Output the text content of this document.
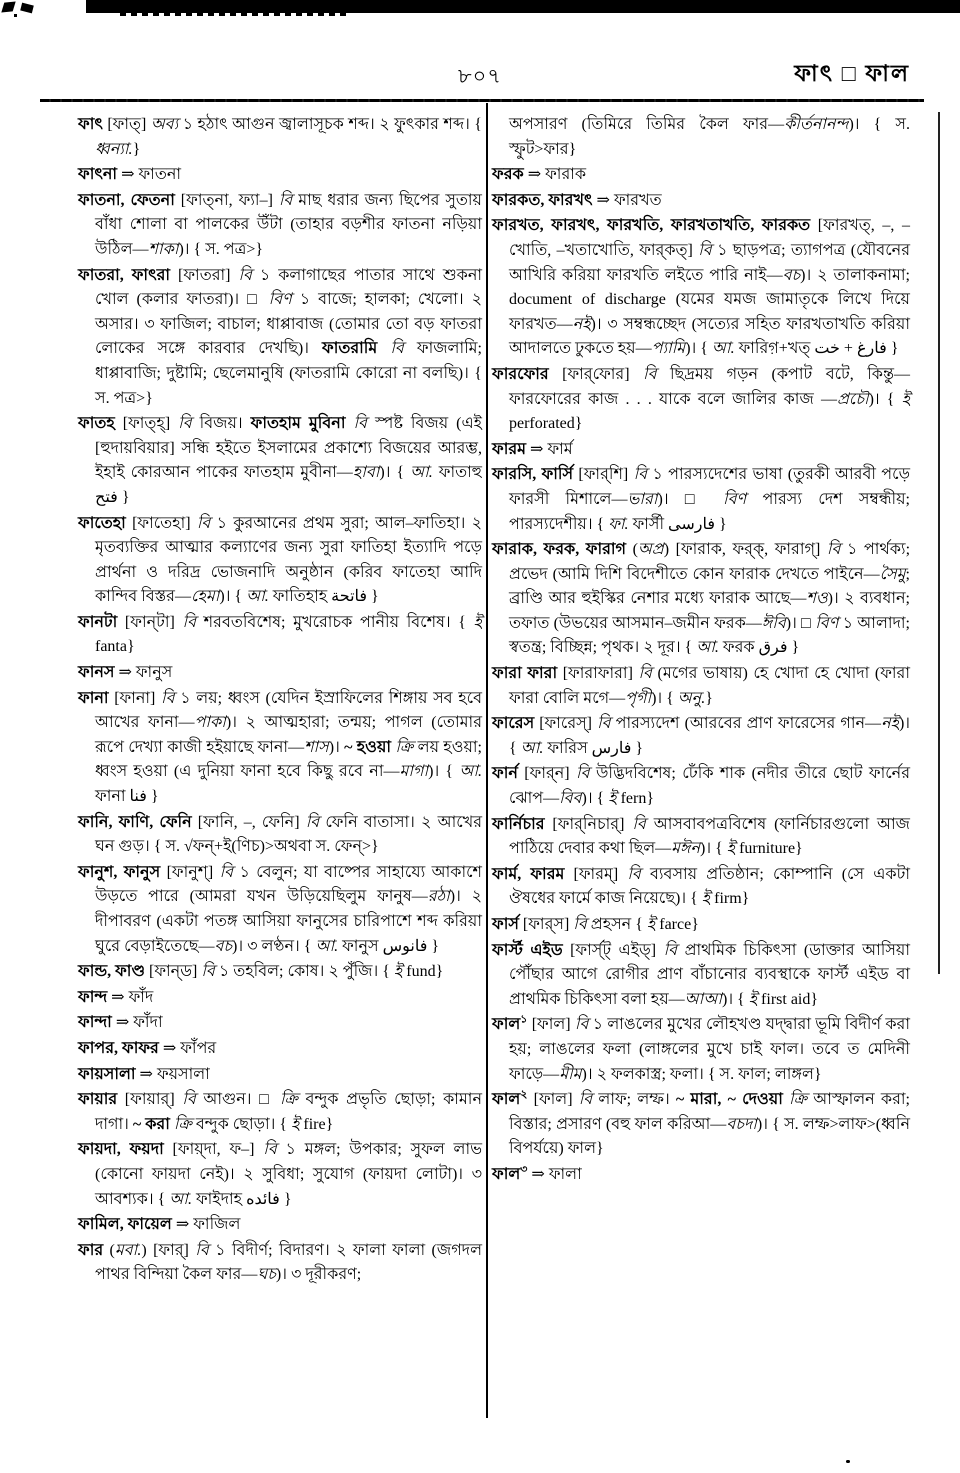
৮০৭	ফাৎ □ ফাল
ফাৎ [ফাত্] অব্য ১ হঠাৎ আগুন জ্বালাসূচক শব্দ। ২ ফুৎকার শব্দ। { ধ্বন্যা.}
ফাৎনা ⇒ ফাতনা
ফাতনা, ফেতনা [ফাত্‌না, ফ্যা–] বি মাছ ধরার জন্য ছিপের সুতায় বাঁধা শোলা বা পালকের উঁটা (তাহার বড়শীর ফাতনা নড়িয়া উঠিল—শাকা)। { স. পত্র>}
ফাতরা, ফাৎরা [ফাতরা] বি ১ কলাগাছের পাতার সাথে শুকনা খোল (কলার ফাতরা)। □ বিণ ১ বাজে; হালকা; খেলো। ২ অসার। ৩ ফাজিল; বাচাল; ধাপ্পাবাজ (তোমার তো বড় ফাতরা লোকের সঙ্গে কারবার দেখছি)। ফাতরামি বি ফাজলামি; ধাপ্পাবাজি; দুষ্টামি; ছেলেমানুষি (ফাতরামি কোরো না বলছি)। { স. পত্র>}
ফাতহ [ফাত্‌হ্] বি বিজয়। ফাতহাম মুবিনা বি স্পষ্ট বিজয় (এই [হুদায়বিয়ার] সন্ধি হইতে ইসলামের প্রকাশ্যে বিজয়ের আরম্ভ, ইহাই কোরআন পাকের ফাতহাম মুবীনা—হাবা)। { আ. ফাতাহু فتح }
ফাতেহা [ফাতেহা] বি ১ কুরআনের প্রথম সুরা; আল–ফাতিহা। ২ মৃতব্যক্তির আত্মার কল্যাণের জন্য সুরা ফাতিহা ইত্যাদি পড়ে প্রার্থনা ও দরিদ্র ভোজনাদি অনুষ্ঠান (করিব ফাতেহা আদি কান্দিব বিস্তর—হেমা)। { আ. ফাতিহাহ فاتحة }
ফানটা [ফান্‌টা] বি শরবতবিশেষ; মুখরোচক পানীয় বিশেষ। { ই fanta}
ফানস ⇒ ফানুস
ফানা [ফানা] বি ১ লয়; ধ্বংস (যেদিন ইস্রাফিলের শিঙ্গায় সব হবে আখের ফানা—পাকা)। ২ আত্মহারা; তন্ময়; পাগল (তোমার রূপে দেখ্যা কাজী হইয়াছে ফানা—শাস)। ~ হওয়া ক্রি লয় হওয়া; ধ্বংস হওয়া (এ দুনিয়া ফানা হবে কিছু রবে না—মাগা)। { আ. ফানা فنا }
ফানি, ফাণি, ফেনি [ফানি, –, ফেনি] বি ফেনি বাতাসা। ২ আখের ঘন গুড়। { স. √ফন্+ই(ণিচ)>অথবা স. ফেন্>}
ফানুশ, ফানুস [ফানুশ্] বি ১ বেলুন; যা বাষ্পের সাহায্যে আকাশে উড়তে পারে (আমরা যখন উড়িয়েছিলুম ফানুষ—রঠা)। ২ দীপাবরণ (একটা পতঙ্গ আসিয়া ফানুসের চারিপাশে শব্দ করিয়া ঘুরে বেড়াইতেছে—বচ)। ৩ লণ্ঠন। { আ. ফানুস فانوس }
ফান্ড, ফাণ্ড [ফান্‌ড] বি ১ তহবিল; কোষ। ২ পুঁজি। { ই fund}
ফান্দ ⇒ ফাঁদ
ফান্দা ⇒ ফাঁদা
ফাপর, ফাফর ⇒ ফাঁপর
ফায়সালা ⇒ ফয়সালা
ফায়ার [ফায়ার্] বি আগুন। □ ক্রি বন্দুক প্রভৃতি ছোড়া; কামান দাগা। ~ করা ক্রি বন্দুক ছোড়া। { ই fire}
ফায়দা, ফয়দা [ফায়্‌দা, ফ–] বি ১ মঙ্গল; উপকার; সুফল লাভ (কোনো ফায়দা নেই)। ২ সুবিধা; সুযোগ (ফায়দা লোটা)। ৩ আবশ্যক। { আ. ফাইদাহ فائده }
ফামিল, ফায়েল ⇒ ফাজিল
ফার (মবা.) [ফার্] বি ১ বিদীর্ণ; বিদারণ। ২ ফালা ফালা (জগদল পাথর বিন্দিয়া কৈল ফার—ঘচ)। ৩ দূরীকরণ;
অপসারণ (তিমিরে তিমির কৈল ফার—কীর্তনানন্দ)। { স. স্ফুট>ফার}
ফরক ⇒ ফারাক
ফারকত, ফারখৎ ⇒ ফারখত
ফারখত, ফারখৎ, ফারখতি, ফারখতাখতি, ফারকত [ফারখত্, –, –খোতি, –খতাখোতি, ফার্‌কত্] বি ১ ছাড়পত্র; ত্যাগপত্র (যৌবনের আখিরি করিয়া ফারখতি লইতে পারি নাই—বচ)। ২ তালাকনামা; document of discharge (যমের যমজ জামাতৃকে লিখে দিয়ে ফারখত—নই)। ৩ সম্বন্ধচ্ছেদ (সত্যের সহিত ফারখতাখতি করিয়া আদালতে ঢুকতে হয়—প্যামি)। { আ. ফারিগ়+খত্ فارغ + خت }
ফারফোর [ফার্‌ফোর] বি ছিদ্রময় গড়ন (কপাট বটে, কিন্তু—ফারফোরের কাজ . . . যাকে বলে জালির কাজ —প্রচৌ)। { ই perforated}
ফারম ⇒ ফার্ম
ফারসি, ফার্সি [ফার্‌শি] বি ১ পারস্যদেশের ভাষা (তুরকী আরবী পড়ে ফারসী মিশালে—ভারা)। □ বিণ পারস্য দেশ সম্বন্ধীয়; পারস্যদেশীয়। { ফা. ফার্সী فارسی }
ফারাক, ফরক, ফারাগ (অপ্র) [ফারাক, ফর্‌ক্, ফারাগ্] বি ১ পার্থক্য; প্রভেদ (আমি দিশি বিদেশীতে কোন ফারাক দেখতে পাইনে—সৈমু; ব্রাণ্ডি আর হুইস্কির নেশার মধ্যে ফারাক আছে—শও)। ২ ব্যবধান; তফাত (উভয়ের আসমান–জমীন ফরক—ঈবি)। □ বিণ ১ আলাদা; স্বতন্ত্র; বিচ্ছিন্ন; পৃথক। ২ দূর। { আ. ফরক فرق }
ফারা ফারা [ফারাফারা] বি (মগের ভাষায়) হে খোদা হে খোদা (ফারা ফারা বোলি মগে—পৃগী)। { অনু.}
ফারেস [ফারেস্] বি পারস্যদেশ (আরবের প্রাণ ফারেসের গান—নই)। { আ. ফারিস فارس }
ফার্ন [ফার্‌ন] বি উদ্ভিদবিশেষ; ঢেঁকি শাক (নদীর তীরে ছোট ফার্নের ঝোপ—বিব)। { ই fern}
ফার্নিচার [ফার্‌নিচার্] বি আসবাবপত্রবিশেষ (ফার্নিচারগুলো আজ পাঠিয়ে দেবার কথা ছিল—মঈন)। { ই furniture}
ফার্ম, ফারম [ফারম্] বি ব্যবসায় প্রতিষ্ঠান; কোম্পানি (সে একটা ঔষধের ফার্মে কাজ নিয়েছে)। { ই firm}
ফার্স [ফার্‌স] বি প্রহসন { ই farce}
ফার্স্ট এইড [ফার্স্‌ট্ এইড্] বি প্রাথমিক চিকিৎসা (ডাক্তার আসিয়া পৌঁছার আগে রোগীর প্রাণ বাঁচানোর ব্যবস্থাকে ফার্স্ট এইড বা প্রাথমিক চিকিৎসা বলা হয়—আআ)। { ই first aid}
ফাল$^১$ [ফাল] বি ১ লাঙলের মুখের লৌহখণ্ড যদ্দ্বারা ভূমি বিদীর্ণ করা হয়; লাঙলের ফলা (লাঙ্গলের মুখে চাই ফাল। তবে ত মেদিনী ফাড়ে—মীম)। ২ ফলকাস্ত্র; ফলা। { স. ফাল; লাঙ্গল}
ফাল$^২$ [ফাল] বি লাফ; লম্ফ। ~ মারা, ~ দেওয়া ক্রি আস্ফালন করা; বিস্তার; প্রসারণ (বহু ফাল করিআ—বচদা)। { স. লম্ফ>লাফ>(ধ্বনি বিপর্যয়ে) ফাল}
ফাল$^৩$ ⇒ ফালা
